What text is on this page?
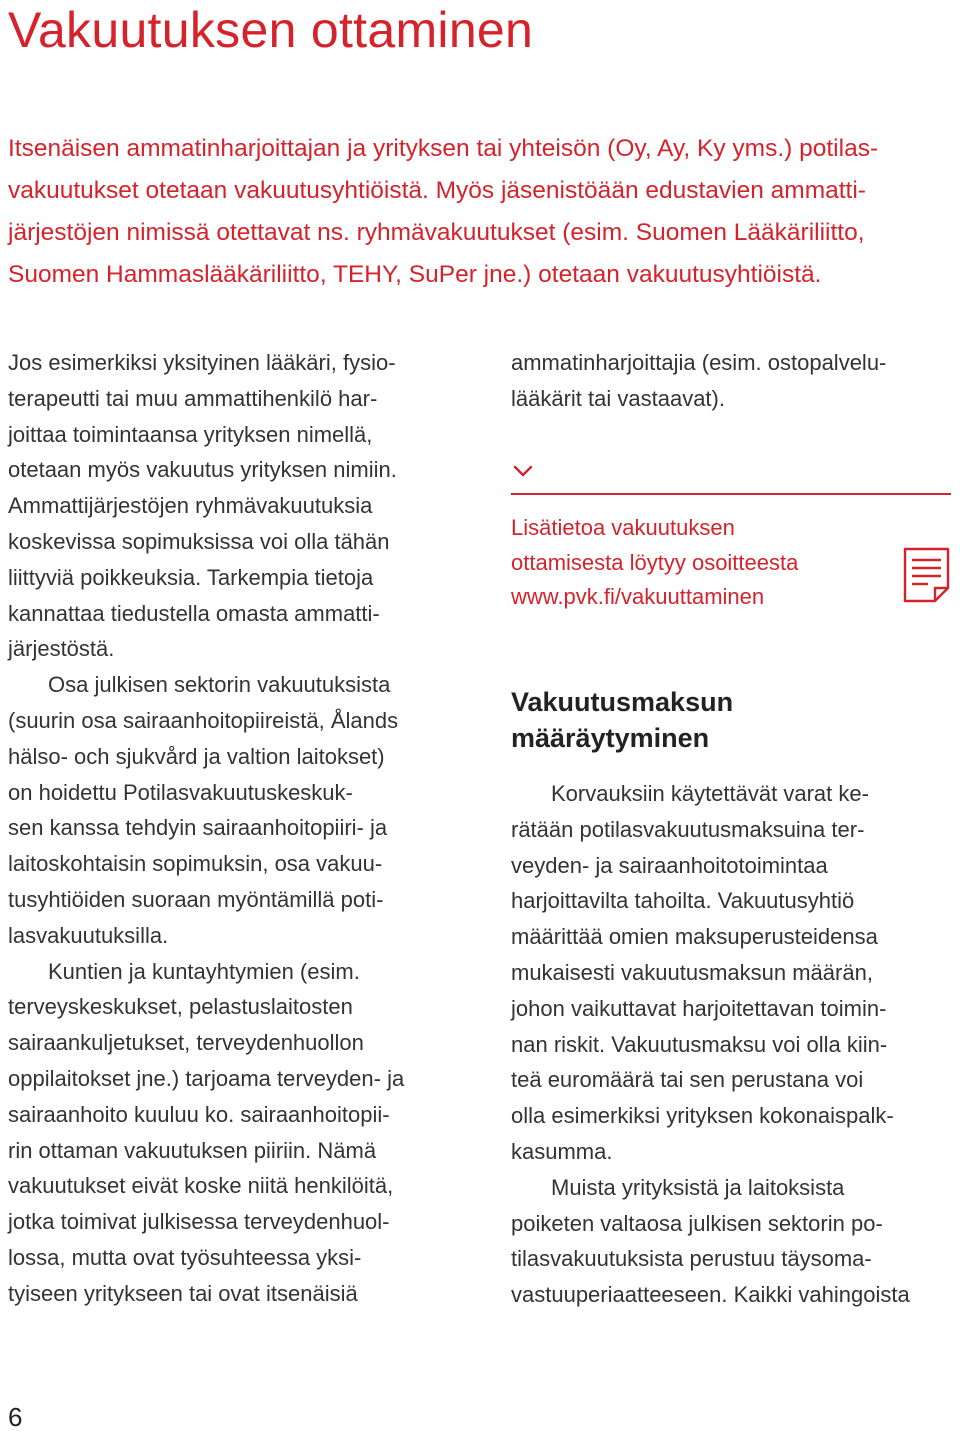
Vakuutuksen ottaminen
Itsenäisen ammatinharjoittajan ja yrityksen tai yhteisön (Oy, Ay, Ky yms.) potilas-
vakuutukset otetaan vakuutusyhtiöistä. Myös jäsenistöään edustavien ammatti-
järjestöjen nimissä otettavat ns. ryhmävakuutukset (esim. Suomen Lääkäriliitto,
Suomen Hammaslääkäriliitto, TEHY, SuPer jne.) otetaan vakuutusyhtiöistä.
Jos esimerkiksi yksityinen lääkäri, fysio-
terapeutti tai muu ammattihenkilö har-
joittaa toimintaansa yrityksen nimellä,
otetaan myös vakuutus yrityksen nimiin.
Ammattijärjestöjen ryhmävakuutuksia
koskevissa sopimuksissa voi olla tähän
liittyviä poikkeuksia. Tarkempia tietoja
kannattaa tiedustella omasta ammatti-
järjestöstä.
Osa julkisen sektorin vakuutuksista
(suurin osa sairaanhoitopiireistä, Ålands
hälso- och sjukvård ja valtion laitokset)
on hoidettu Potilasvakuutuskeskuk-
sen kanssa tehdyin sairaanhoitopiiri- ja
laitoskohtaisin sopimuksin, osa vakuu-
tusyhtiöiden suoraan myöntämillä poti-
lasvakuutuksilla.
Kuntien ja kuntayhtymien (esim.
terveyskeskukset, pelastuslaitosten
sairaankuljetukset, terveydenhuollon
oppilaitokset jne.) tarjoama terveyden- ja
sairaanhoito kuuluu ko. sairaanhoitopii-
rin ottaman vakuutuksen piiriin. Nämä
vakuutukset eivät koske niitä henkilöitä,
jotka toimivat julkisessa terveydenhuol-
lossa, mutta ovat työsuhteessa yksi-
tyiseen yritykseen tai ovat itsenäisiä
ammatinharjoittajia (esim. ostopalvelu-
lääkärit tai vastaavat).
Lisätietoa vakuutuksen
ottamisesta löytyy osoitteesta
www.pvk.fi/vakuuttaminen
Vakuutusmaksun
määräytyminen
Korvauksiin käytettävät varat ke-
rätään potilasvakuutusmaksuina ter-
veyden- ja sairaanhoitotoimintaa
harjoittavilta tahoilta. Vakuutusyhtiö
määrittää omien maksuperusteidensa
mukaisesti vakuutusmaksun määrän,
johon vaikuttavat harjoitettavan toimin-
nan riskit. Vakuutusmaksu voi olla kiin-
teä euromäärä tai sen perustana voi
olla esimerkiksi yrityksen kokonaispalk-
kasumma.
Muista yrityksistä ja laitoksista
poiketen valtaosa julkisen sektorin po-
tilasvakuutuksista perustuu täysoma-
vastuuperiaatteeseen. Kaikki vahingoista
6
